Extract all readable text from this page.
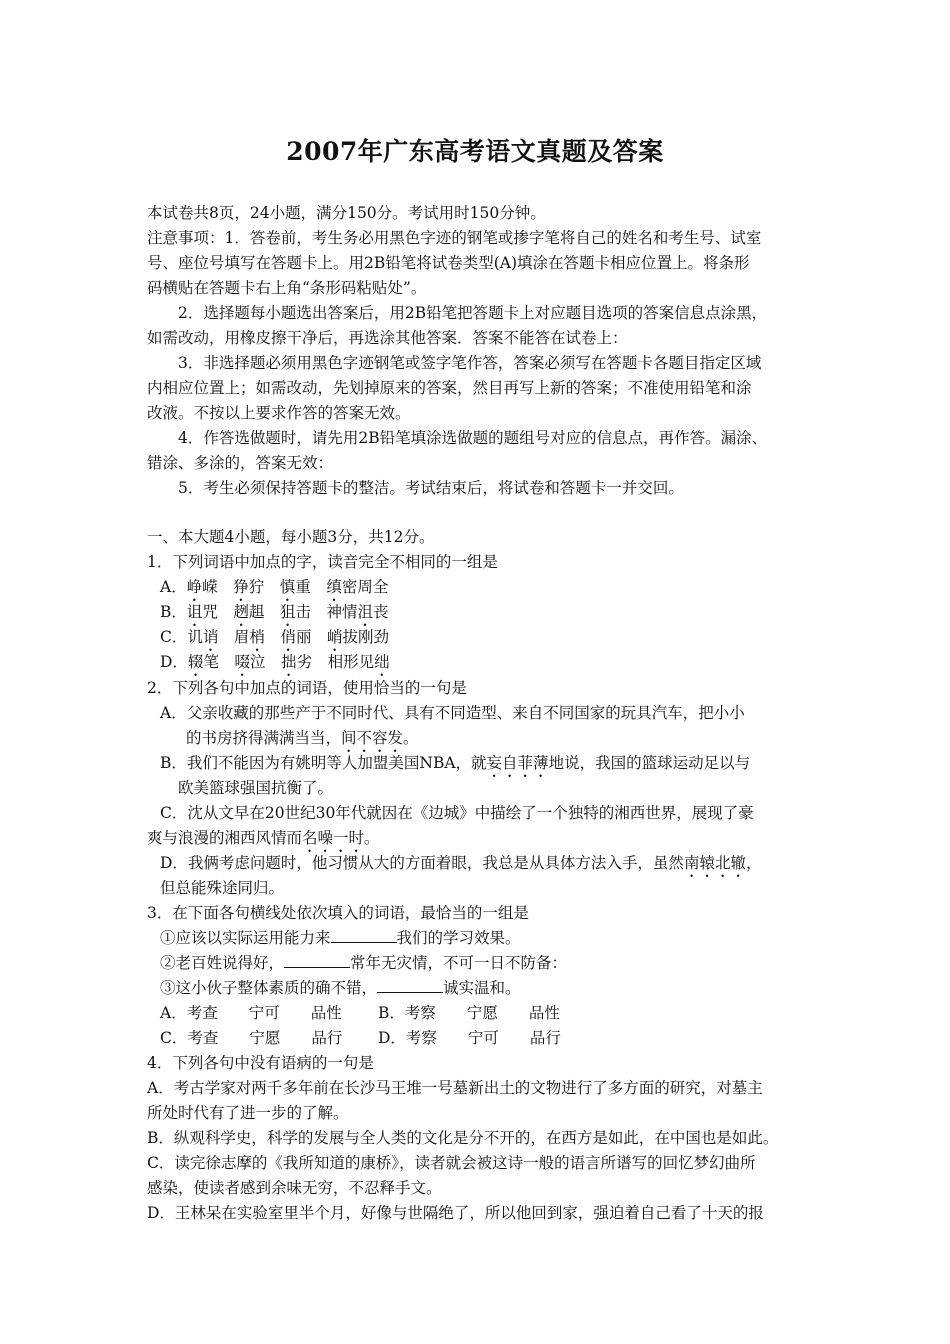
2007年广东高考语文真题及答案

本试卷共8页，24小题，满分150分。考试用时150分钟。

注意事项：1．答卷前，考生务必用黑色字迹的钢笔或掺字笔将自己的姓名和考生号、试室

号、座位号填写在答题卡上。用2B铅笔将试卷类型(A)填涂在答题卡相应位置上。将条形

码横贴在答题卡右上角“条形码粘贴处”。

2．选择题每小题选出答案后，用2B铅笔把答题卡上对应题目选项的答案信息点涂黑，

如需改动，用橡皮擦干净后，再选涂其他答案．答案不能答在试卷上：

3．非选择题必须用黑色字迹钢笔或签字笔作答，答案必须写在答题卡各题目指定区域

内相应位置上；如需改动，先划掉原来的答案，然目再写上新的答案；不准使用铅笔和涂

改液。不按以上要求作答的答案无效。

4．作答选做题时，请先用2B铅笔填涂选做题的题组号对应的信息点，再作答。漏涂、

错涂、多涂的，答案无效：

5．考生必须保持答题卡的整洁。考试结束后，将试卷和答题卡一并交回。

一、本大题4小题，每小题3分，共12分。

1．下列词语中加点的字，读音完全不相同的一组是

A．峥嵘　 狰狞　 慎重　 缜密周全

B．诅咒　 趔趄　 狙击　 神情沮丧

C．讥诮　 眉梢　 俏丽　 峭拔刚劲

D．辍笔　 啜泣　 拙劣　 相形见绌

2．下列各句中加点的词语，使用恰当的一句是

A．父亲收藏的那些产于不同时代、具有不同造型、来自不同国家的玩具汽车，把小小

的书房挤得满满当当，间不容发。

B．我们不能因为有姚明等人加盟美国NBA，就妄自菲薄地说，我国的篮球运动足以与

欧美篮球强国抗衡了。

C．沈从文早在20世纪30年代就因在《边城》中描绘了一个独特的湘西世界，展现了豪

爽与浪漫的湘西风情而名噪一时。

D．我俩考虑问题时，他习惯从大的方面着眼，我总是从具体方法入手，虽然南辕北辙，

但总能殊途同归。

3．在下面各句横线处依次填入的词语，最恰当的一组是

①应该以实际运用能力来	我们的学习效果。

②老百姓说得好，	常年无灾情，不可一日不防备：

③这小伙子整体素质的确不错，	诚实温和。

A．考查　　宁可　　品性 B．考察　　宁愿　　品性

C．考查　　宁愿　　品行 D．考察　　宁可　　品行

4．下列各句中没有语病的一句是

A．考古学家对两千多年前在长沙马王堆一号墓新出土的文物进行了多方面的研究，对墓主

所处时代有了进一步的了解。

B．纵观科学史，科学的发展与全人类的文化是分不开的，在西方是如此，在中国也是如此。

C．读完徐志摩的《我所知道的康桥》，读者就会被这诗一般的语言所谱写的回忆梦幻曲所

感染，使读者感到余味无穷，不忍释手文。

D．王林呆在实验室里半个月，好像与世隔绝了，所以他回到家，强迫着自己看了十天的报
